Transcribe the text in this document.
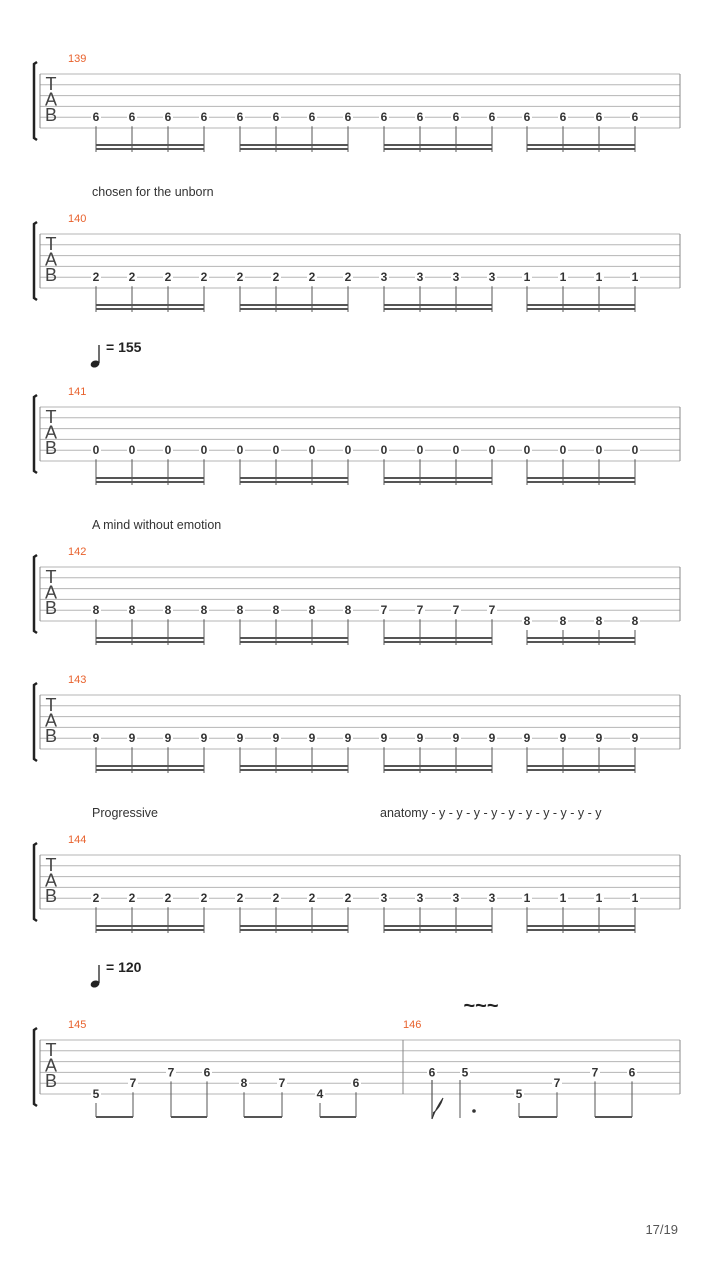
T
A
B
139
6 6 6 6 6 6 6 6 6 6 6 6 6 6 6 6
T
A
B
140
2 2 2 2 2 2 2 2 3 3 3 3 1 1 1 1
T
A
B
141
0 0 0 0 0 0 0 0 0 0 0 0 0 0 0 0
T
A
B
142
8 8 8 8 8 8 8 8 7 7 7 7
8 8 8 8
T
A
B
143
9 9 9 9 9 9 9 9 9 9 9 9 9 9 9 9
T
A
B
144
2 2 2 2 2 2 2 2 3 3 3 3 1 1 1 1
T
A
B
145	146
~~~
5
7
7 6
8	7
4
6
6 5
5
7
7	6
chosen for the unborn
= 155
A mind without emotion
Progressive	anatomy - y - y - y - y - y - y - y - y - y - y
= 120
17/19
